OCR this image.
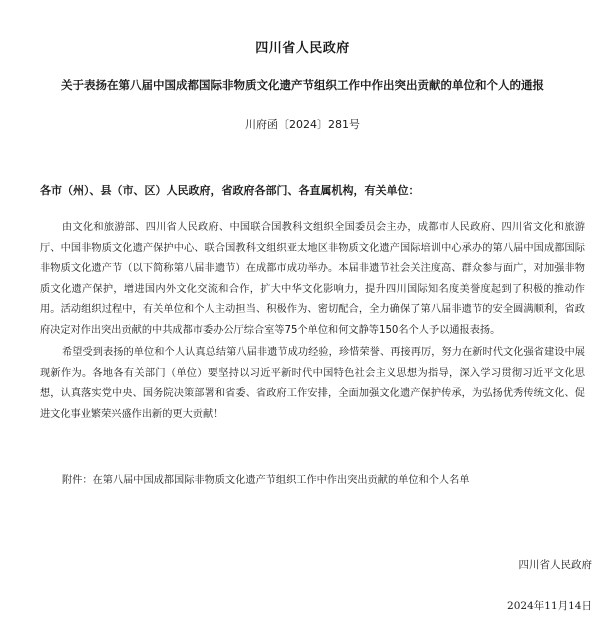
四川省人民政府
关于表扬在第八届中国成都国际非物质文化遗产节组织工作中作出突出贡献的单位和个人的通报
川府函〔2024〕281号
各市（州）、县（市、区）人民政府，省政府各部门、各直属机构，有关单位：

由文化和旅游部、四川省人民政府、中国联合国教科文组织全国委员会主办，成都市人民政府、四川省文化和旅游厅、中国非物质文化遗产保护中心、联合国教科文组织亚太地区非物质文化遗产国际培训中心承办的第八届中国成都国际非物质文化遗产节（以下简称第八届非遗节）在成都市成功举办。本届非遗节社会关注度高、群众参与面广，对加强非物质文化遗产保护，增进国内外文化交流和合作，扩大中华文化影响力，提升四川国际知名度美誉度起到了积极的推动作用。活动组织过程中，有关单位和个人主动担当、积极作为、密切配合，全力确保了第八届非遗节的安全圆满顺利，省政府决定对作出突出贡献的中共成都市委办公厅综合室等75个单位和何文静等150名个人予以通报表扬。

希望受到表扬的单位和个人认真总结第八届非遗节成功经验，珍惜荣誉、再接再厉，努力在新时代文化强省建设中展现新作为。各地各有关部门（单位）要坚持以习近平新时代中国特色社会主义思想为指导，深入学习贯彻习近平文化思想，认真落实党中央、国务院决策部署和省委、省政府工作安排，全面加强文化遗产保护传承，为弘扬优秀传统文化、促进文化事业繁荣兴盛作出新的更大贡献！

附件：在第八届中国成都国际非物质文化遗产节组织工作中作出突出贡献的单位和个人名单
四川省人民政府
2024年11月14日
